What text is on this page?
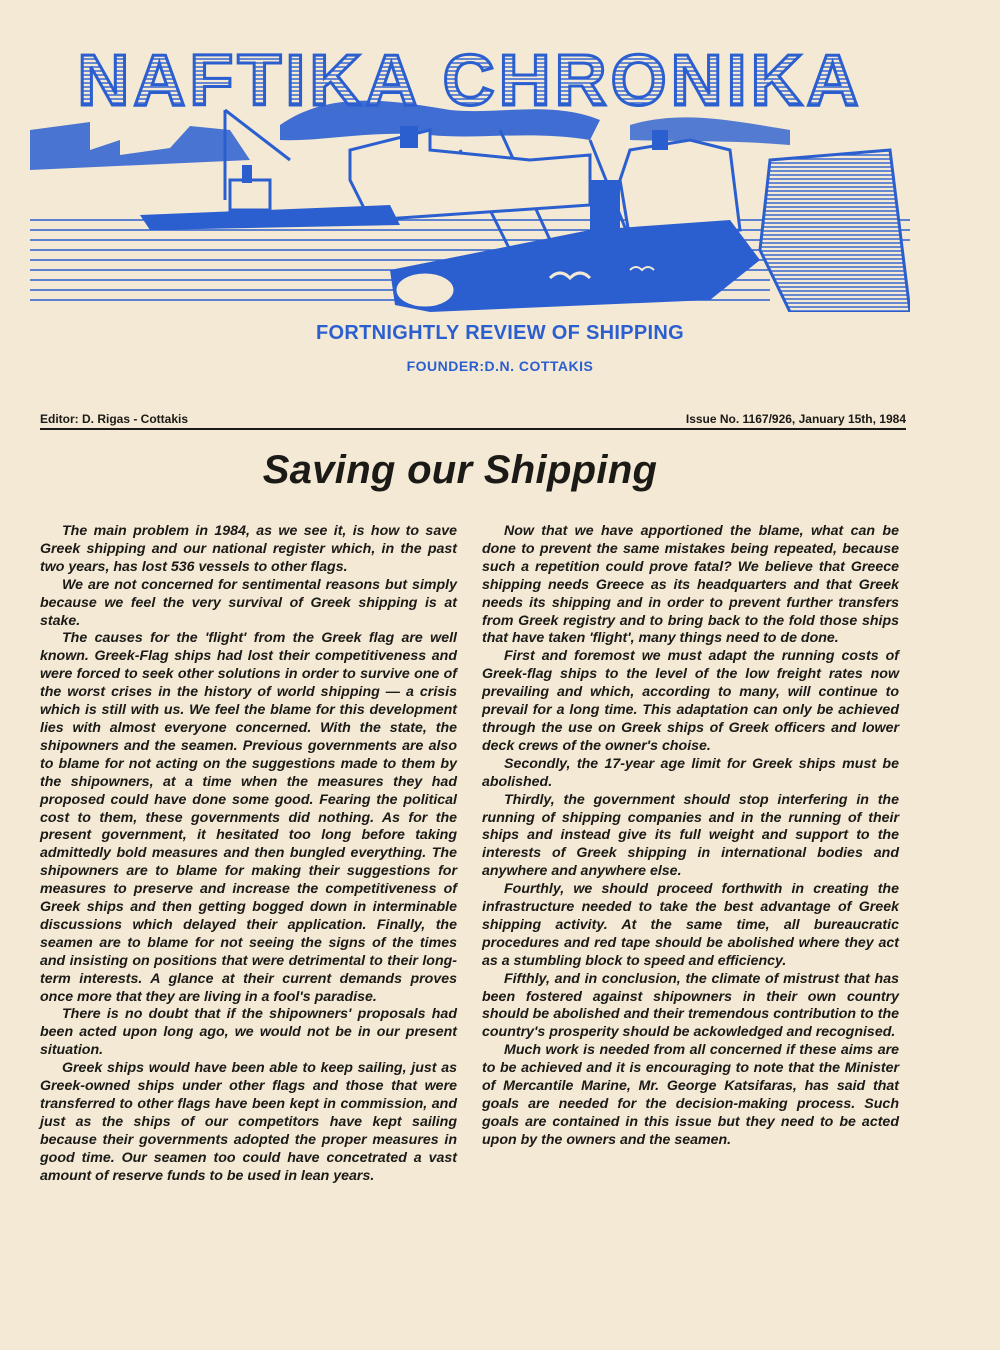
NAFTIKA CHRONIKA
FORTNIGHTLY REVIEW OF SHIPPING
FOUNDER:D.N. COTTAKIS
Editor: D. Rigas - Cottakis	Issue No. 1167/926, January 15th, 1984
Saving our Shipping

The main problem in 1984, as we see it, is how to save Greek shipping and our national register which, in the past two years, has lost 536 vessels to other flags.

We are not concerned for sentimental reasons but simply because we feel the very survival of Greek shipping is at stake.

The causes for the 'flight' from the Greek flag are well known. Greek-Flag ships had lost their competitiveness and were forced to seek other solutions in order to survive one of the worst crises in the history of world shipping — a crisis which is still with us. We feel the blame for this development lies with almost everyone concerned. With the state, the shipowners and the seamen. Previous governments are also to blame for not acting on the suggestions made to them by the shipowners, at a time when the measures they had proposed could have done some good. Fearing the political cost to them, these governments did nothing. As for the present government, it hesitated too long before taking admittedly bold measures and then bungled everything. The shipowners are to blame for making their suggestions for measures to preserve and increase the competitiveness of Greek ships and then getting bogged down in interminable discussions which delayed their application. Finally, the seamen are to blame for not seeing the signs of the times and insisting on positions that were detrimental to their long-term interests. A glance at their current demands proves once more that they are living in a fool's paradise.

There is no doubt that if the shipowners' proposals had been acted upon long ago, we would not be in our present situation.

Greek ships would have been able to keep sailing, just as Greek-owned ships under other flags and those that were transferred to other flags have been kept in commission, and just as the ships of our competitors have kept sailing because their governments adopted the proper measures in good time. Our seamen too could have concetrated a vast amount of reserve funds to be used in lean years.

Now that we have apportioned the blame, what can be done to prevent the same mistakes being repeated, because such a repetition could prove fatal? We believe that Greece shipping needs Greece as its headquarters and that Greek needs its shipping and in order to prevent further transfers from Greek registry and to bring back to the fold those ships that have taken 'flight', many things need to de done.

First and foremost we must adapt the running costs of Greek-flag ships to the level of the low freight rates now prevailing and which, according to many, will continue to prevail for a long time. This adaptation can only be achieved through the use on Greek ships of Greek officers and lower deck crews of the owner's choise.

Secondly, the 17-year age limit for Greek ships must be abolished.

Thirdly, the government should stop interfering in the running of shipping companies and in the running of their ships and instead give its full weight and support to the interests of Greek shipping in international bodies and anywhere and anywhere else.

Fourthly, we should proceed forthwith in creating the infrastructure needed to take the best advantage of Greek shipping activity. At the same time, all bureaucratic procedures and red tape should be abolished where they act as a stumbling block to speed and efficiency.

Fifthly, and in conclusion, the climate of mistrust that has been fostered against shipowners in their own country should be abolished and their tremendous contribution to the country's prosperity should be ackowledged and recognised.

Much work is needed from all concerned if these aims are to be achieved and it is encouraging to note that the Minister of Mercantile Marine, Mr. George Katsifaras, has said that goals are needed for the decision-making process. Such goals are contained in this issue but they need to be acted upon by the owners and the seamen.
